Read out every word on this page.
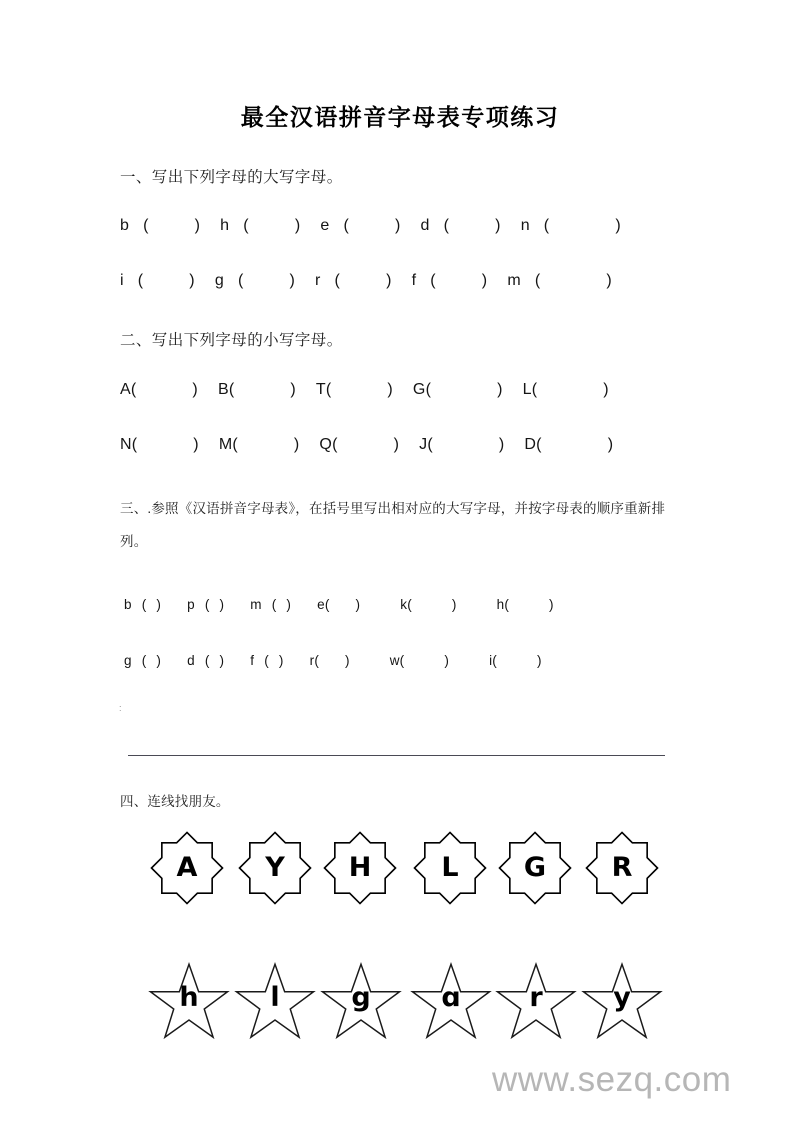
最全汉语拼音字母表专项练习
一、写出下列字母的大写字母。
b (	) h (	) e (	) d (	) n (	)
i (	) g (	) r (	) f (	) m (	)
二、写出下列字母的小写字母。
A(	) B(	) T(	) G(	) L(	)
N(	) M(	) Q(	) J(	) D(	)
三、.参照《汉语拼音字母表》，在括号里写出相对应的大写字母，并按字母表的顺序重新排列。
b ( ) p ( ) m ( ) e( )	k(	)	h(	)
g ( ) d ( ) f ( ) r( )	w(	)	i(	)
:
四、连线找朋友。
A	Y	H	L	G	R
h	l	g	ɑ	r	y
www.sezq.com
